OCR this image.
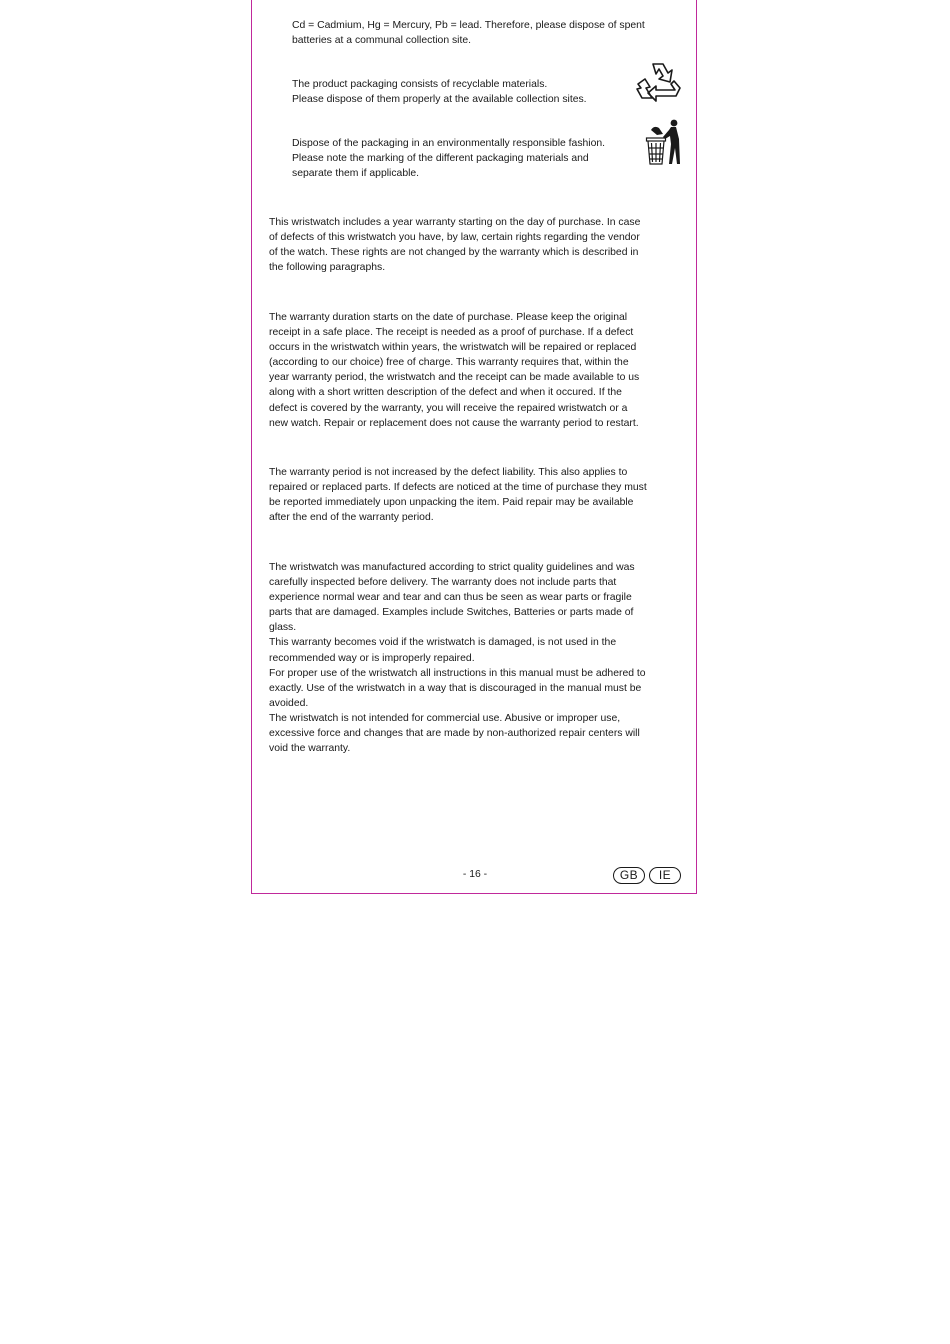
Cd = Cadmium, Hg = Mercury, Pb = lead. Therefore, please dispose of spent
batteries at a communal collection site.

The product packaging consists of recyclable materials.
Please dispose of them properly at the available collection sites.

Dispose of the packaging in an environmentally responsible fashion.
Please note the marking of the different packaging materials and
separate them if applicable.

This wristwatch includes a year warranty starting on the day of purchase. In case
of defects of this wristwatch you have, by law, certain rights regarding the vendor
of the watch. These rights are not changed by the warranty which is described in
the following paragraphs.

The warranty duration starts on the date of purchase. Please keep the original
receipt in a safe place. The receipt is needed as a proof of purchase. If a defect
occurs in the wristwatch within years, the wristwatch will be repaired or replaced
(according to our choice) free of charge. This warranty requires that, within the
year warranty period, the wristwatch and the receipt can be made available to us
along with a short written description of the defect and when it occured. If the
defect is covered by the warranty, you will receive the repaired wristwatch or a
new watch. Repair or replacement does not cause the warranty period to restart.

The warranty period is not increased by the defect liability. This also applies to
repaired or replaced parts. If defects are noticed at the time of purchase they must
be reported immediately upon unpacking the item. Paid repair may be available
after the end of the warranty period.

The wristwatch was manufactured according to strict quality guidelines and was
carefully inspected before delivery. The warranty does not include parts that
experience normal wear and tear and can thus be seen as wear parts or fragile
parts that are damaged. Examples include Switches, Batteries or parts made of
glass.
This warranty becomes void if the wristwatch is damaged, is not used in the
recommended way or is improperly repaired.
For proper use of the wristwatch all instructions in this manual must be adhered to
exactly. Use of the wristwatch in a way that is discouraged in the manual must be
avoided.
The wristwatch is not intended for commercial use. Abusive or improper use,
excessive force and changes that are made by non-authorized repair centers will
void the warranty.

- 16 -	GB	IE
